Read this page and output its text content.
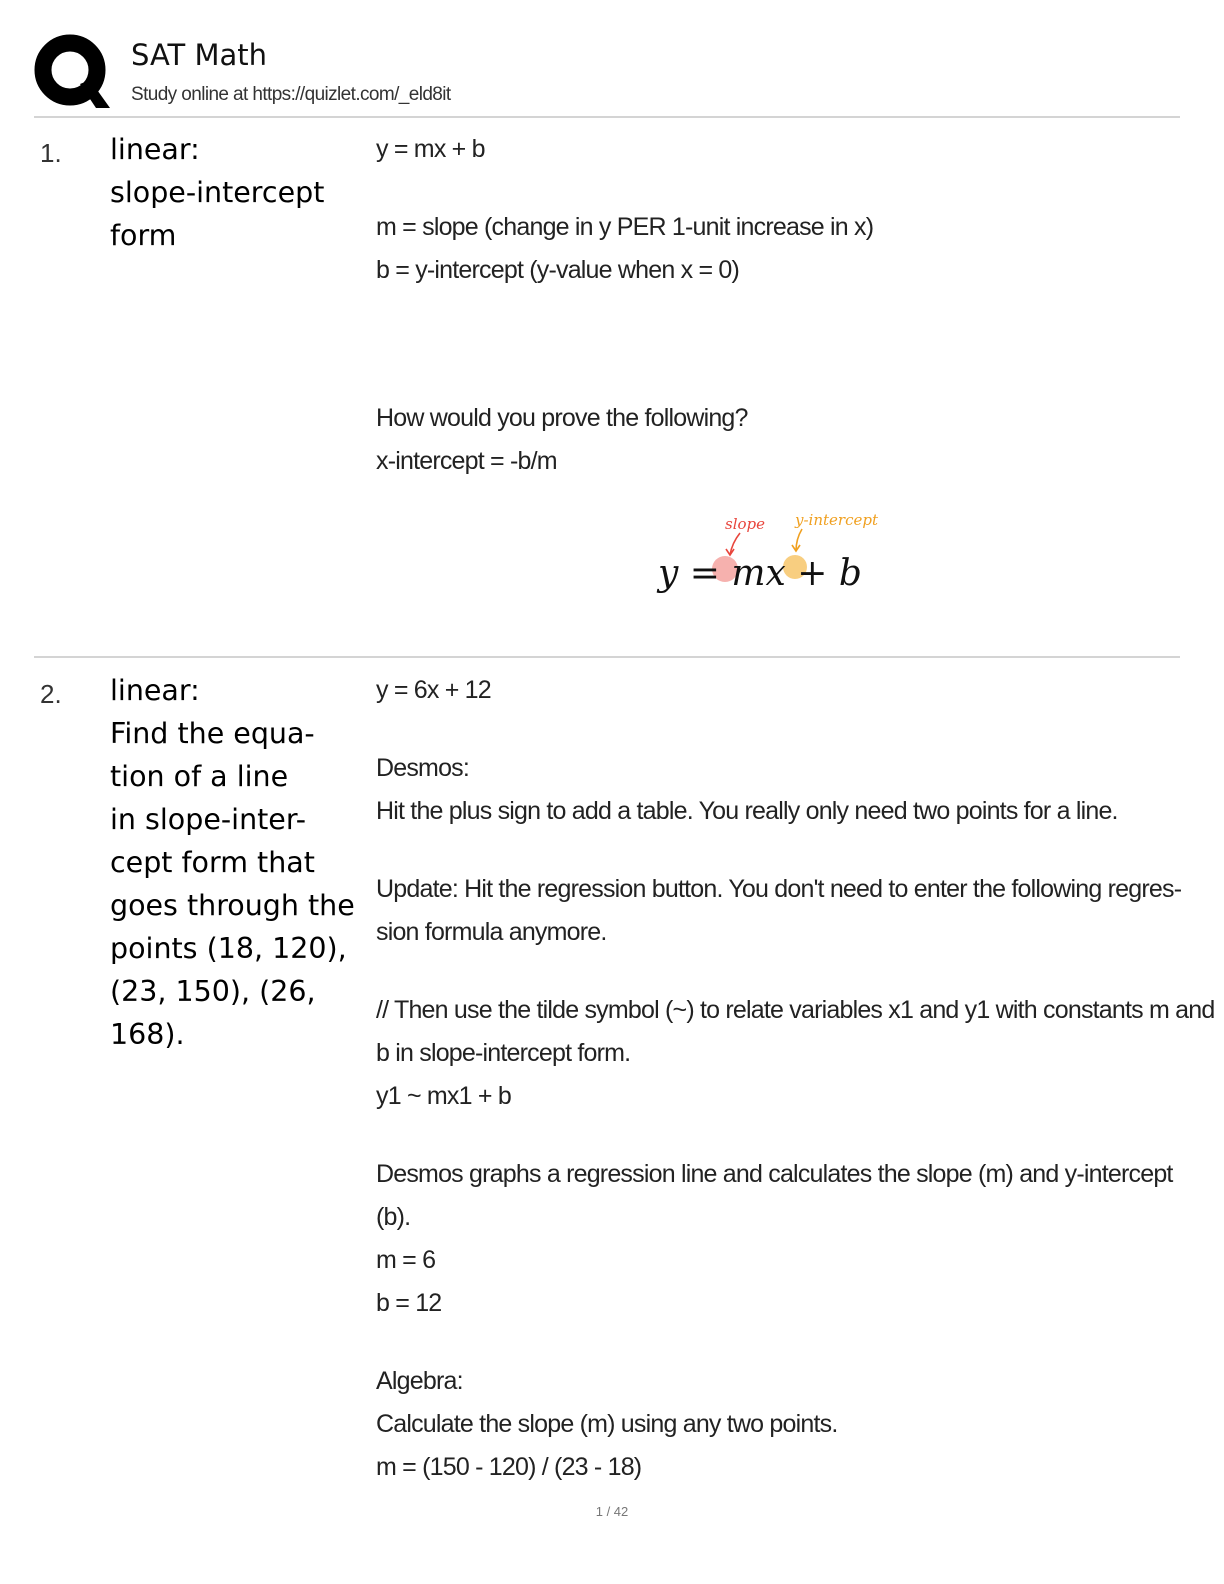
SAT Math
Study online at https://quizlet.com/_eld8it
1. linear:
slope-intercept
form
y = mx + b
m = slope (change in y PER 1-unit increase in x)
b = y-intercept (y-value when x = 0)
How would you prove the following?
x-intercept = -b/m
y = mx + b
slope y-intercept
2. linear:
Find the equa-
tion of a line
in slope-inter-
cept form that
goes through the
points (18, 120),
(23, 150), (26,
168).
y = 6x + 12
Desmos:
Hit the plus sign to add a table. You really only need two points for a line.
Update: Hit the regression button. You don't need to enter the following regres-
sion formula anymore.
// Then use the tilde symbol (~) to relate variables x1 and y1 with constants m and
b in slope-intercept form.
y1 ~ mx1 + b
Desmos graphs a regression line and calculates the slope (m) and y-intercept
(b).
m = 6
b = 12
Algebra:
Calculate the slope (m) using any two points.
m = (150 - 120) / (23 - 18)
1 / 42
